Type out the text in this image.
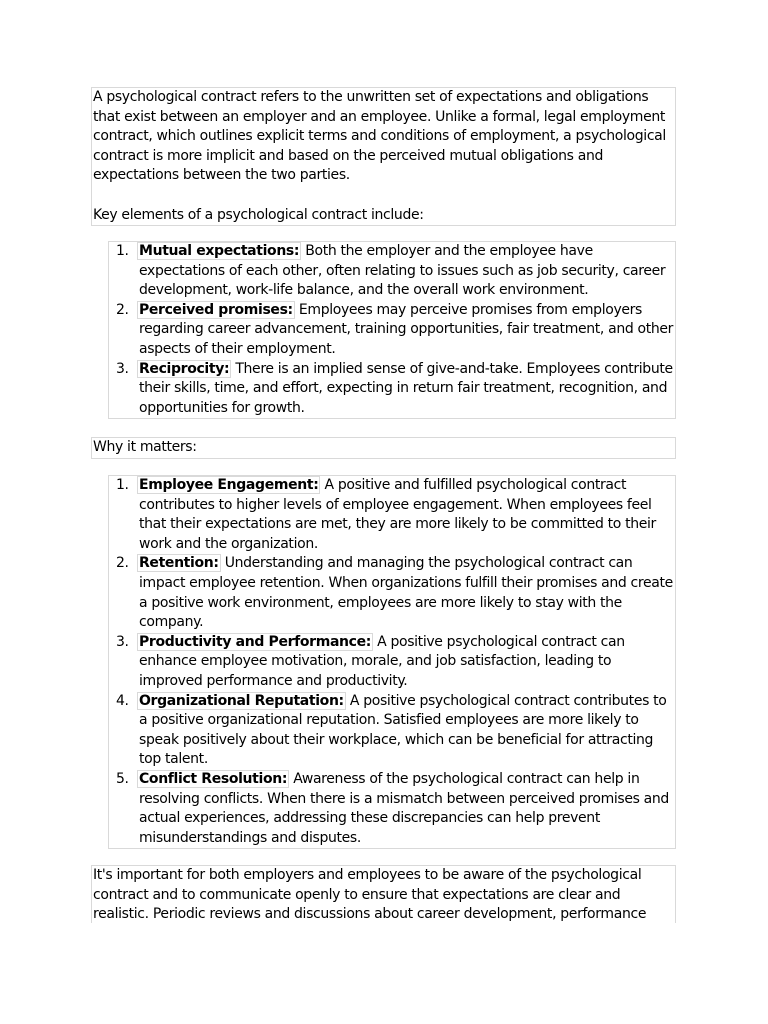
A psychological contract refers to the unwritten set of expectations and obligations that exist between an employer and an employee. Unlike a formal, legal employment contract, which outlines explicit terms and conditions of employment, a psychological contract is more implicit and based on the perceived mutual obligations and expectations between the two parties.

Key elements of a psychological contract include:

1. Mutual expectations: Both the employer and the employee have expectations of each other, often relating to issues such as job security, career development, work-life balance, and the overall work environment.
2. Perceived promises: Employees may perceive promises from employers regarding career advancement, training opportunities, fair treatment, and other aspects of their employment.
3. Reciprocity: There is an implied sense of give-and-take. Employees contribute their skills, time, and effort, expecting in return fair treatment, recognition, and opportunities for growth.

Why it matters:

1. Employee Engagement: A positive and fulfilled psychological contract contributes to higher levels of employee engagement. When employees feel that their expectations are met, they are more likely to be committed to their work and the organization.
2. Retention: Understanding and managing the psychological contract can impact employee retention. When organizations fulfill their promises and create a positive work environment, employees are more likely to stay with the company.
3. Productivity and Performance: A positive psychological contract can enhance employee motivation, morale, and job satisfaction, leading to improved performance and productivity.
4. Organizational Reputation: A positive psychological contract contributes to a positive organizational reputation. Satisfied employees are more likely to speak positively about their workplace, which can be beneficial for attracting top talent.
5. Conflict Resolution: Awareness of the psychological contract can help in resolving conflicts. When there is a mismatch between perceived promises and actual experiences, addressing these discrepancies can help prevent misunderstandings and disputes.

It's important for both employers and employees to be aware of the psychological contract and to communicate openly to ensure that expectations are clear and realistic. Periodic reviews and discussions about career development, performance
